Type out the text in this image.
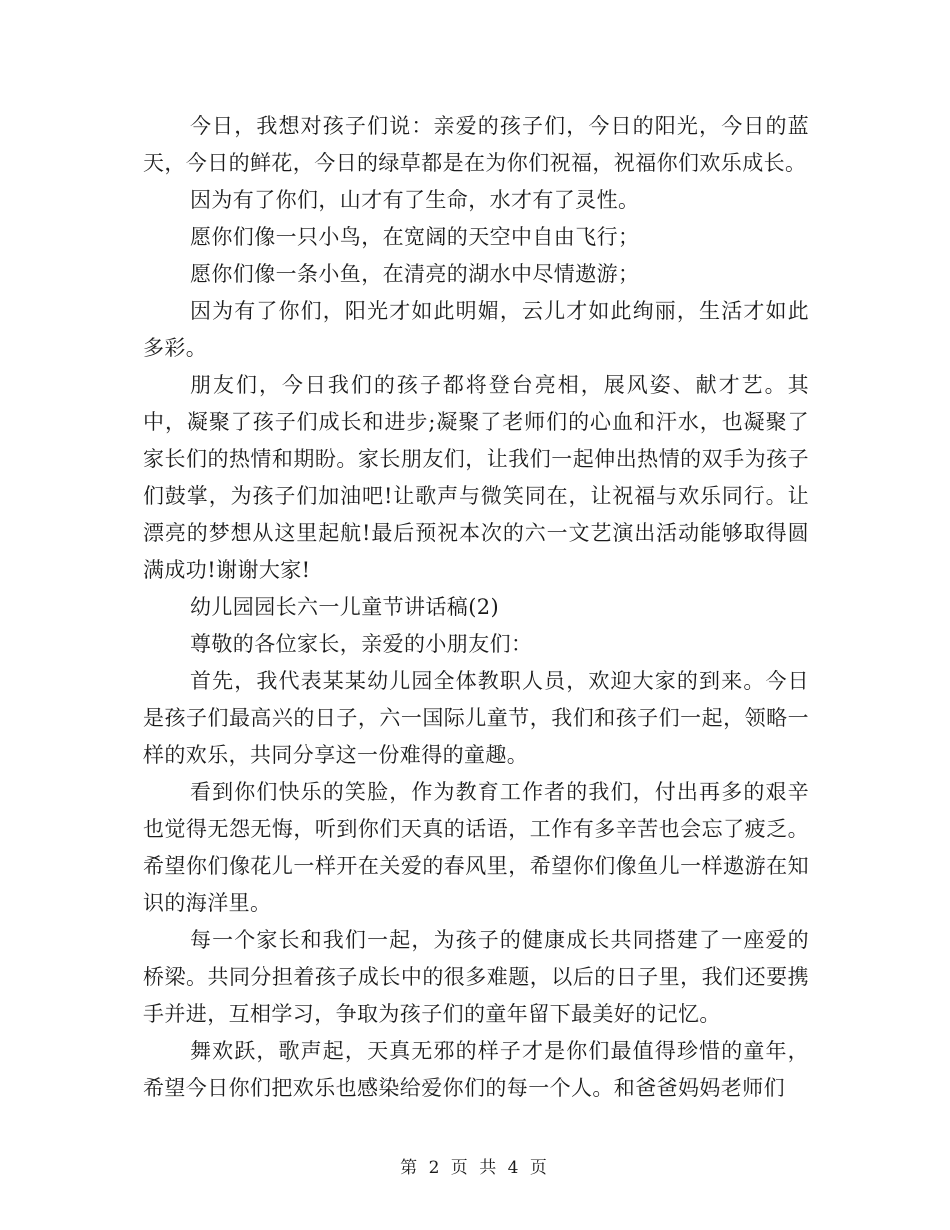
今日，我想对孩子们说：亲爱的孩子们，今日的阳光，今日的蓝天，今日的鲜花，今日的绿草都是在为你们祝福，祝福你们欢乐成长。

因为有了你们，山才有了生命，水才有了灵性。

愿你们像一只小鸟，在宽阔的天空中自由飞行；

愿你们像一条小鱼，在清亮的湖水中尽情遨游；

因为有了你们，阳光才如此明媚，云儿才如此绚丽，生活才如此多彩。

朋友们，今日我们的孩子都将登台亮相，展风姿、献才艺。其中，凝聚了孩子们成长和进步;凝聚了老师们的心血和汗水，也凝聚了家长们的热情和期盼。家长朋友们，让我们一起伸出热情的双手为孩子们鼓掌，为孩子们加油吧!让歌声与微笑同在，让祝福与欢乐同行。让漂亮的梦想从这里起航!最后预祝本次的六一文艺演出活动能够取得圆满成功!谢谢大家!

幼儿园园长六一儿童节讲话稿(2)

尊敬的各位家长，亲爱的小朋友们：

首先，我代表某某幼儿园全体教职人员，欢迎大家的到来。今日是孩子们最高兴的日子，六一国际儿童节，我们和孩子们一起，领略一样的欢乐，共同分享这一份难得的童趣。

看到你们快乐的笑脸，作为教育工作者的我们，付出再多的艰辛也觉得无怨无悔，听到你们天真的话语，工作有多辛苦也会忘了疲乏。希望你们像花儿一样开在关爱的春风里，希望你们像鱼儿一样遨游在知识的海洋里。

每一个家长和我们一起，为孩子的健康成长共同搭建了一座爱的桥梁。共同分担着孩子成长中的很多难题，以后的日子里，我们还要携手并进，互相学习，争取为孩子们的童年留下最美好的记忆。

舞欢跃，歌声起，天真无邪的样子才是你们最值得珍惜的童年，希望今日你们把欢乐也感染给爱你们的每一个人。和爸爸妈妈老师们

第 2 页 共 4 页
